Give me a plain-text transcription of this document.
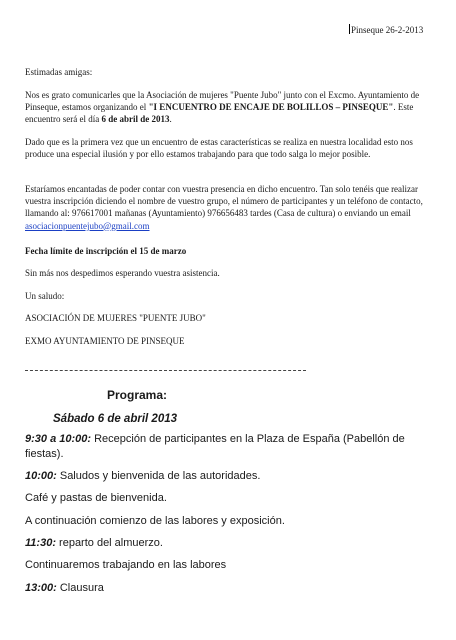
Pinseque 26-2-2013

Estimadas amigas:

Nos es grato comunicarles que la Asociación de mujeres "Puente Jubo" junto con el Excmo. Ayuntamiento de Pinseque, estamos organizando el "I ENCUENTRO DE ENCAJE DE BOLILLOS – PINSEQUE". Este encuentro será el día 6 de abril de 2013.

Dado que es la primera vez que un encuentro de estas características se realiza en nuestra localidad esto nos produce una especial ilusión y por ello estamos trabajando para que todo salga lo mejor posible.

Estaríamos encantadas de poder contar con vuestra presencia en dicho encuentro. Tan solo tenéis que realizar vuestra inscripción diciendo el nombre de vuestro grupo, el número de participantes y un teléfono de contacto, llamando al: 976617001 mañanas (Ayuntamiento) 976656483 tardes (Casa de cultura) o enviando un email asociacionpuentejubo@gmail.com

Fecha límite de inscripción el 15 de marzo

Sin más nos despedimos esperando vuestra asistencia.

Un saludo:

ASOCIACIÓN DE MUJERES "PUENTE JUBO"

EXMO AYUNTAMIENTO DE PINSEQUE

Programa:

Sábado 6 de abril 2013

9:30 a 10:00: Recepción de participantes en la Plaza de España (Pabellón de fiestas).

10:00: Saludos y bienvenida de las autoridades.

Café y pastas de bienvenida.

A continuación comienzo de las labores y exposición.

11:30: reparto del almuerzo.

Continuaremos trabajando en las labores

13:00: Clausura
